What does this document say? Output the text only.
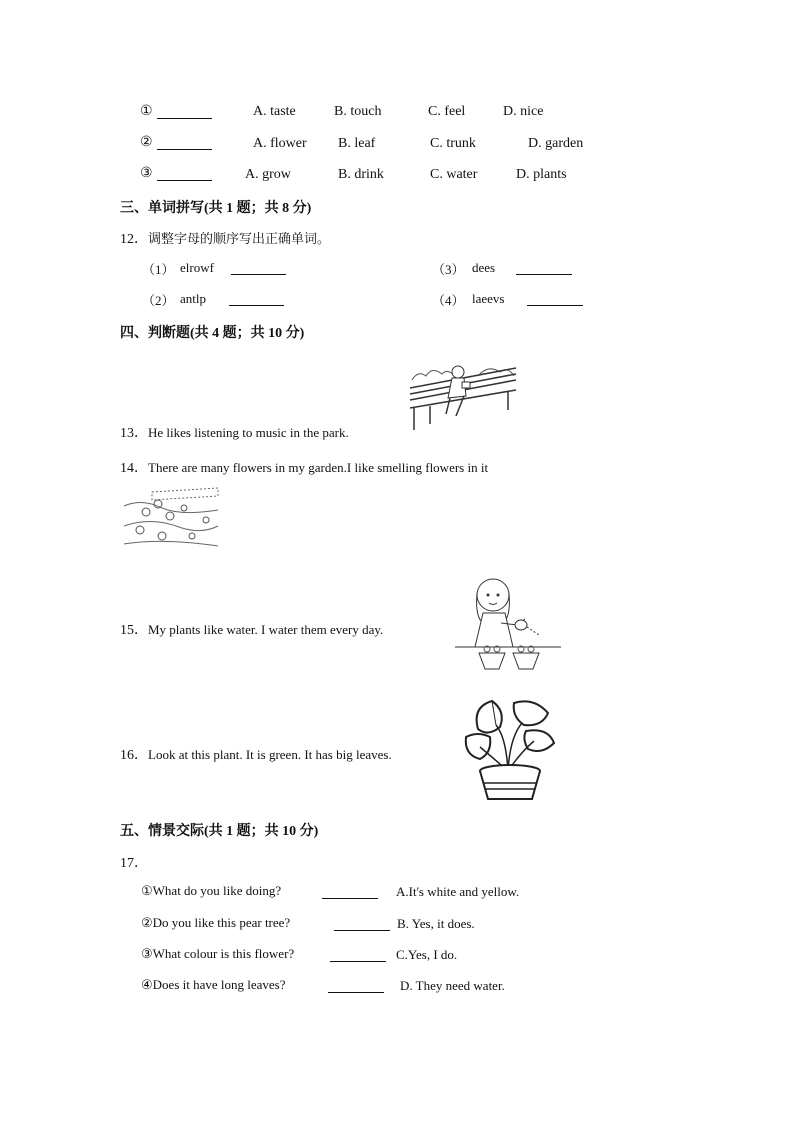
①	A. taste	B. touch	C. feel	D. nice
②	A. flower B. leaf	C. trunk	D. garden
③	A. grow	B. drink	C. water	D. plants
三、单词拼写(共 1 题；共 8 分)
12．调整字母的顺序写出正确单词。
（1） elrowf	（3） dees
（2） antlp	（4） laeevs
四、判断题(共 4 题；共 10 分)
13．He likes listening to music in the park.
14．There are many flowers in my garden.I like smelling flowers in it
15．My plants like water. I water them every day.
16．Look at this plant. It is green. It has big leaves.
五、情景交际(共 1 题；共 10 分)
17．
①What do you like doing?	A.It's white and yellow.
②Do you like this pear tree?	B. Yes, it does.
③What colour is this flower?	C.Yes, I do.
④Does it have long leaves?	D. They need water.
